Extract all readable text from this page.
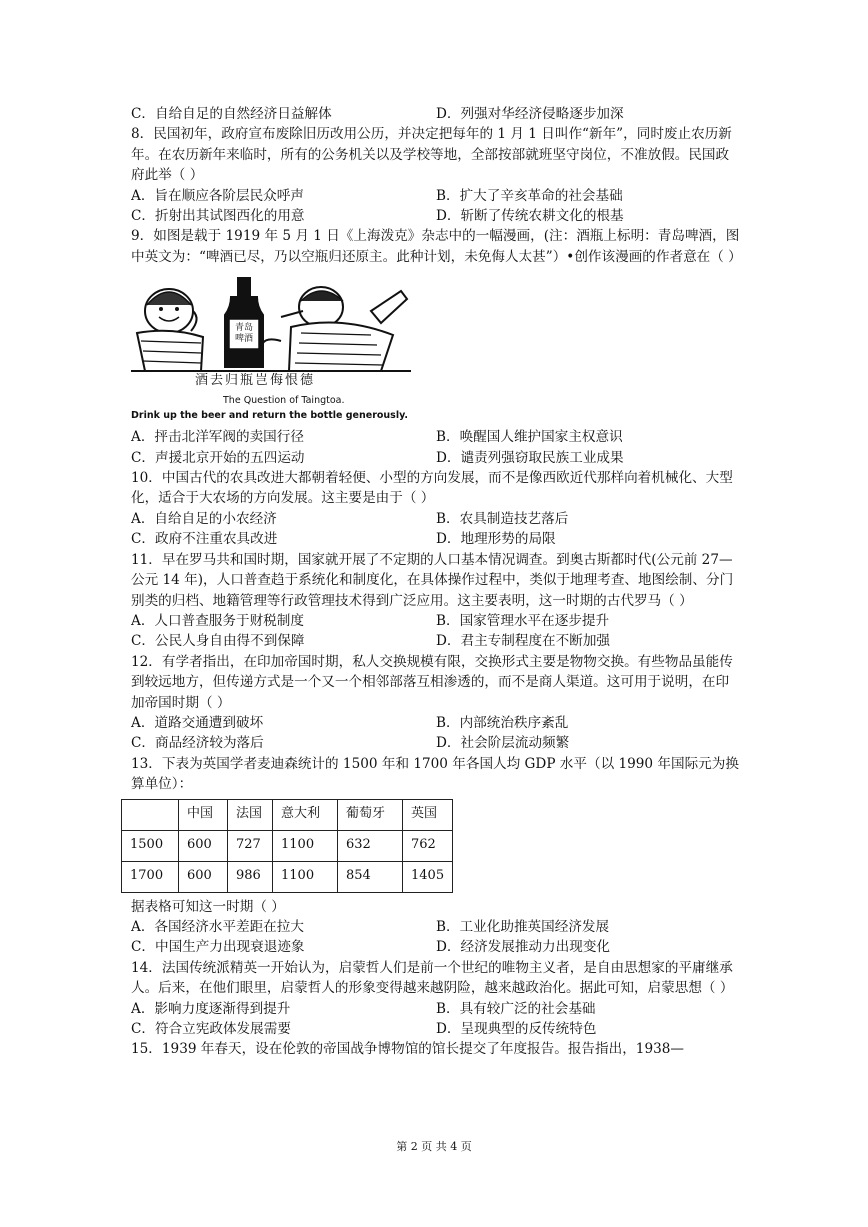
C．自给自足的自然经济日益解体	D．列强对华经济侵略逐步加深
8．民国初年，政府宣布废除旧历改用公历，并决定把每年的 1 月 1 日叫作“新年”，同时废止农历新年。在农历新年来临时，所有的公务机关以及学校等地，全部按部就班坚守岗位，不准放假。民国政府此举（ ）
A．旨在顺应各阶层民众呼声	B．扩大了辛亥革命的社会基础
C．折射出其试图西化的用意	D．斩断了传统农耕文化的根基
9．如图是载于 1919 年 5 月 1 日《上海泼克》杂志中的一幅漫画，(注：酒瓶上标明：青岛啤酒，图中英文为：“啤酒已尽，乃以空瓶归还原主。此种计划，未免侮人太甚”）•创作该漫画的作者意在（ ）
青岛啤酒
酒去归瓶岂侮恨德
The Question of Taingtoa.
Drink up the beer and return the bottle generously.
A．抨击北洋军阀的卖国行径	B．唤醒国人维护国家主权意识
C．声援北京开始的五四运动	D．谴责列强窃取民族工业成果
10．中国古代的农具改进大都朝着轻便、小型的方向发展，而不是像西欧近代那样向着机械化、大型化，适合于大农场的方向发展。这主要是由于（ ）
A．自给自足的小农经济	B．农具制造技艺落后
C．政府不注重农具改进	D．地理形势的局限
11．早在罗马共和国时期，国家就开展了不定期的人口基本情况调查。到奥古斯都时代(公元前 27—公元 14 年)，人口普查趋于系统化和制度化，在具体操作过程中，类似于地理考查、地图绘制、分门别类的归档、地籍管理等行政管理技术得到广泛应用。这主要表明，这一时期的古代罗马（ ）
A．人口普查服务于财税制度	B．国家管理水平在逐步提升
C．公民人身自由得不到保障	D．君主专制程度在不断加强
12．有学者指出，在印加帝国时期，私人交换规模有限，交换形式主要是物物交换。有些物品虽能传到较远地方，但传递方式是一个又一个相邻部落互相渗透的，而不是商人渠道。这可用于说明，在印加帝国时期（ ）
A．道路交通遭到破坏	B．内部统治秩序紊乱
C．商品经济较为落后	D．社会阶层流动频繁
13．下表为英国学者麦迪森统计的 1500 年和 1700 年各国人均 GDP 水平（以 1990 年国际元为换算单位）：
	中国	法国	意大利	葡萄牙	英国
1500	600	727	1100	632	762
1700	600	986	1100	854	1405
据表格可知这一时期（ ）
A．各国经济水平差距在拉大	B．工业化助推英国经济发展
C．中国生产力出现衰退迹象	D．经济发展推动力出现变化
14．法国传统派精英一开始认为，启蒙哲人们是前一个世纪的唯物主义者，是自由思想家的平庸继承人。后来，在他们眼里，启蒙哲人的形象变得越来越阴险，越来越政治化。据此可知，启蒙思想（ ）
A．影响力度逐渐得到提升	B．具有较广泛的社会基础
C．符合立宪政体发展需要	D．呈现典型的反传统特色
15．1939 年春天，设在伦敦的帝国战争博物馆的馆长提交了年度报告。报告指出，1938—
第 2 页 共 4 页
